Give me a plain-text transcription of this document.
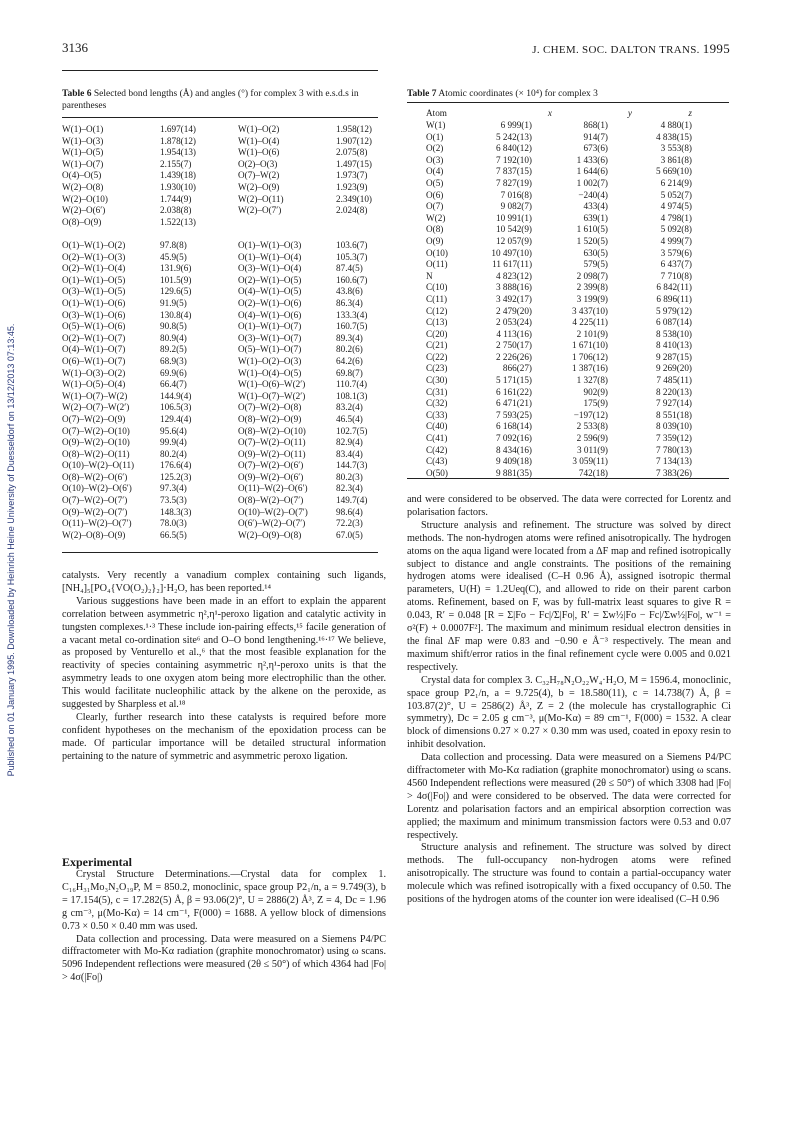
3136	J. CHEM. SOC. DALTON TRANS. 1995
Published on 01 January 1995. Downloaded by Heinrich Heine University of Duesseldorf on 13/12/2013 07:13:45.
Table 6 Selected bond lengths (Å) and angles (°) for complex 3 with e.s.d.s in parentheses
W(1)–O(1)	1.697(14)	W(1)–O(2)	1.958(12)
W(1)–O(3)	1.878(12)	W(1)–O(4)	1.907(12)
W(1)–O(5)	1.954(13)	W(1)–O(6)	2.075(8)
W(1)–O(7)	2.155(7)	O(2)–O(3)	1.497(15)
O(4)–O(5)	1.439(18)	O(7)–W(2)	1.973(7)
W(2)–O(8)	1.930(10)	W(2)–O(9)	1.923(9)
W(2)–O(10)	1.744(9)	W(2)–O(11)	2.349(10)
W(2)–O(6′)	2.038(8)	W(2)–O(7′)	2.024(8)
O(8)–O(9)	1.522(13)		
O(1)–W(1)–O(2)	97.8(8)	O(1)–W(1)–O(3)	103.6(7)
O(2)–W(1)–O(3)	45.9(5)	O(1)–W(1)–O(4)	105.3(7)
O(2)–W(1)–O(4)	131.9(6)	O(3)–W(1)–O(4)	87.4(5)
O(1)–W(1)–O(5)	101.5(9)	O(2)–W(1)–O(5)	160.6(7)
O(3)–W(1)–O(5)	129.6(5)	O(4)–W(1)–O(5)	43.8(6)
O(1)–W(1)–O(6)	91.9(5)	O(2)–W(1)–O(6)	86.3(4)
O(3)–W(1)–O(6)	130.8(4)	O(4)–W(1)–O(6)	133.3(4)
O(5)–W(1)–O(6)	90.8(5)	O(1)–W(1)–O(7)	160.7(5)
O(2)–W(1)–O(7)	80.9(4)	O(3)–W(1)–O(7)	89.3(4)
O(4)–W(1)–O(7)	89.2(5)	O(5)–W(1)–O(7)	80.2(6)
O(6)–W(1)–O(7)	68.9(3)	W(1)–O(2)–O(3)	64.2(6)
W(1)–O(3)–O(2)	69.9(6)	W(1)–O(4)–O(5)	69.8(7)
W(1)–O(5)–O(4)	66.4(7)	W(1)–O(6)–W(2′)	110.7(4)
W(1)–O(7)–W(2)	144.9(4)	W(1)–O(7)–W(2′)	108.1(3)
W(2)–O(7)–W(2′)	106.5(3)	O(7)–W(2)–O(8)	83.2(4)
O(7)–W(2)–O(9)	129.4(4)	O(8)–W(2)–O(9)	46.5(4)
O(7)–W(2)–O(10)	95.6(4)	O(8)–W(2)–O(10)	102.7(5)
O(9)–W(2)–O(10)	99.9(4)	O(7)–W(2)–O(11)	82.9(4)
O(8)–W(2)–O(11)	80.2(4)	O(9)–W(2)–O(11)	83.4(4)
O(10)–W(2)–O(11)	176.6(4)	O(7)–W(2)–O(6′)	144.7(3)
O(8)–W(2)–O(6′)	125.2(3)	O(9)–W(2)–O(6′)	80.2(3)
O(10)–W(2)–O(6′)	97.3(4)	O(11)–W(2)–O(6′)	82.3(4)
O(7)–W(2)–O(7′)	73.5(3)	O(8)–W(2)–O(7′)	149.7(4)
O(9)–W(2)–O(7′)	148.3(3)	O(10)–W(2)–O(7′)	98.6(4)
O(11)–W(2)–O(7′)	78.0(3)	O(6′)–W(2)–O(7′)	72.2(3)
W(2)–O(8)–O(9)	66.5(5)	W(2)–O(9)–O(8)	67.0(5)
Table 7 Atomic coordinates (× 10⁴) for complex 3
Atom	x	y	z
W(1)	6 999(1)	868(1)	4 880(1)
O(1)	5 242(13)	914(7)	4 838(15)
O(2)	6 840(12)	673(6)	3 553(8)
O(3)	7 192(10)	1 433(6)	3 861(8)
O(4)	7 837(15)	1 644(6)	5 669(10)
O(5)	7 827(19)	1 002(7)	6 214(9)
O(6)	7 016(8)	−240(4)	5 052(7)
O(7)	9 082(7)	433(4)	4 974(5)
W(2)	10 991(1)	639(1)	4 798(1)
O(8)	10 542(9)	1 610(5)	5 092(8)
O(9)	12 057(9)	1 520(5)	4 999(7)
O(10)	10 497(10)	630(5)	3 579(6)
O(11)	11 617(11)	579(5)	6 437(7)
N	4 823(12)	2 098(7)	7 710(8)
C(10)	3 888(16)	2 399(8)	6 842(11)
C(11)	3 492(17)	3 199(9)	6 896(11)
C(12)	2 479(20)	3 437(10)	5 979(12)
C(13)	2 053(24)	4 225(11)	6 087(14)
C(20)	4 113(16)	2 101(9)	8 538(10)
C(21)	2 750(17)	1 671(10)	8 410(13)
C(22)	2 226(26)	1 706(12)	9 287(15)
C(23)	866(27)	1 387(16)	9 269(20)
C(30)	5 171(15)	1 327(8)	7 485(11)
C(31)	6 161(22)	902(9)	8 220(13)
C(32)	6 471(21)	175(9)	7 927(14)
C(33)	7 593(25)	−197(12)	8 551(18)
C(40)	6 168(14)	2 533(8)	8 039(10)
C(41)	7 092(16)	2 596(9)	7 359(12)
C(42)	8 434(16)	3 011(9)	7 780(13)
C(43)	9 409(18)	3 059(11)	7 134(13)
O(50)	9 881(35)	742(18)	7 383(26)

catalysts. Very recently a vanadium complex containing such ligands, [NH₄]₅[PO₄{VO(O₂)₂}₂]·H₂O, has been reported.¹⁴

Various suggestions have been made in an effort to explain the apparent correlation between asymmetric η²,η¹-peroxo ligation and catalytic activity in tungsten complexes.¹·³ These include ion-pairing effects,¹⁵ facile generation of a vacant metal co-ordination site⁶ and O–O bond lengthening.¹⁶·¹⁷ We believe, as proposed by Venturello et al.,⁶ that the most feasible explanation for the reactivity of species containing asymmetric η²,η¹-peroxo units is that the asymmetry leads to one oxygen atom being more electrophilic than the other. This would facilitate nucleophilic attack by the alkene on the peroxide, as suggested by Sharpless et al.¹⁸

Clearly, further research into these catalysts is required before more confident hypotheses on the mechanism of the epoxidation process can be made. Of particular importance will be detailed structural information pertaining to the nature of symmetric and asymmetric peroxo ligation.

Experimental

Crystal Structure Determinations.—Crystal data for complex 1. C₁₆H₃₁Mo₃N₂O₁₉P, M = 850.2, monoclinic, space group P2₁/n, a = 9.749(3), b = 17.154(5), c = 17.282(5) Å, β = 93.06(2)°, U = 2886(2) Å³, Z = 4, Dc = 1.96 g cm⁻³, μ(Mo-Kα) = 14 cm⁻¹, F(000) = 1688. A yellow block of dimensions 0.73 × 0.50 × 0.40 mm was used.

Data collection and processing. Data were measured on a Siemens P4/PC diffractometer with Mo-Kα radiation (graphite monochromator) using ω scans. 5096 Independent reflections were measured (2θ ≤ 50°) of which 4364 had |Fo| > 4σ(|Fo|)

and were considered to be observed. The data were corrected for Lorentz and polarisation factors.

Structure analysis and refinement. The structure was solved by direct methods. The non-hydrogen atoms were refined anisotropically. The hydrogen atoms on the aqua ligand were located from a ΔF map and refined isotropically subject to distance and angle constraints. The positions of the remaining hydrogen atoms were idealised (C–H 0.96 Å), assigned isotropic thermal parameters, U(H) = 1.2Ueq(C), and allowed to ride on their parent carbon atoms. Refinement, based on F, was by full-matrix least squares to give R = 0.043, R′ = 0.048 [R = Σ|Fo − Fc|/Σ|Fo|, R′ = Σw½|Fo − Fc|/Σw½|Fo|, w⁻¹ = σ²(F) + 0.0007F²]. The maximum and minimum residual electron densities in the final ΔF map were 0.83 and −0.90 e Å⁻³ respectively. The mean and maximum shift/error ratios in the final refinement cycle were 0.005 and 0.021 respectively.

Crystal data for complex 3. C₃₂H₇₈N₂O₂₂W₄·H₂O, M = 1596.4, monoclinic, space group P2₁/n, a = 9.725(4), b = 18.580(11), c = 14.738(7) Å, β = 103.87(2)°, U = 2586(2) Å³, Z = 2 (the molecule has crystallographic Ci symmetry), Dc = 2.05 g cm⁻³, μ(Mo-Kα) = 89 cm⁻¹, F(000) = 1532. A clear block of dimensions 0.27 × 0.27 × 0.30 mm was used, coated in epoxy resin to inhibit desolvation.

Data collection and processing. Data were measured on a Siemens P4/PC diffractometer with Mo-Kα radiation (graphite monochromator) using ω scans. 4560 Independent reflections were measured (2θ ≤ 50°) of which 3308 had |Fo| > 4σ(|Fo|) and were considered to be observed. The data were corrected for Lorentz and polarisation factors and an empirical absorption correction was applied; the maximum and minimum transmission factors were 0.53 and 0.07 respectively.

Structure analysis and refinement. The structure was solved by direct methods. The full-occupancy non-hydrogen atoms were refined anisotropically. The structure was found to contain a partial-occupancy water molecule which was refined isotropically with a fixed occupancy of 0.50. The positions of the hydrogen atoms of the counter ion were idealised (C–H 0.96
